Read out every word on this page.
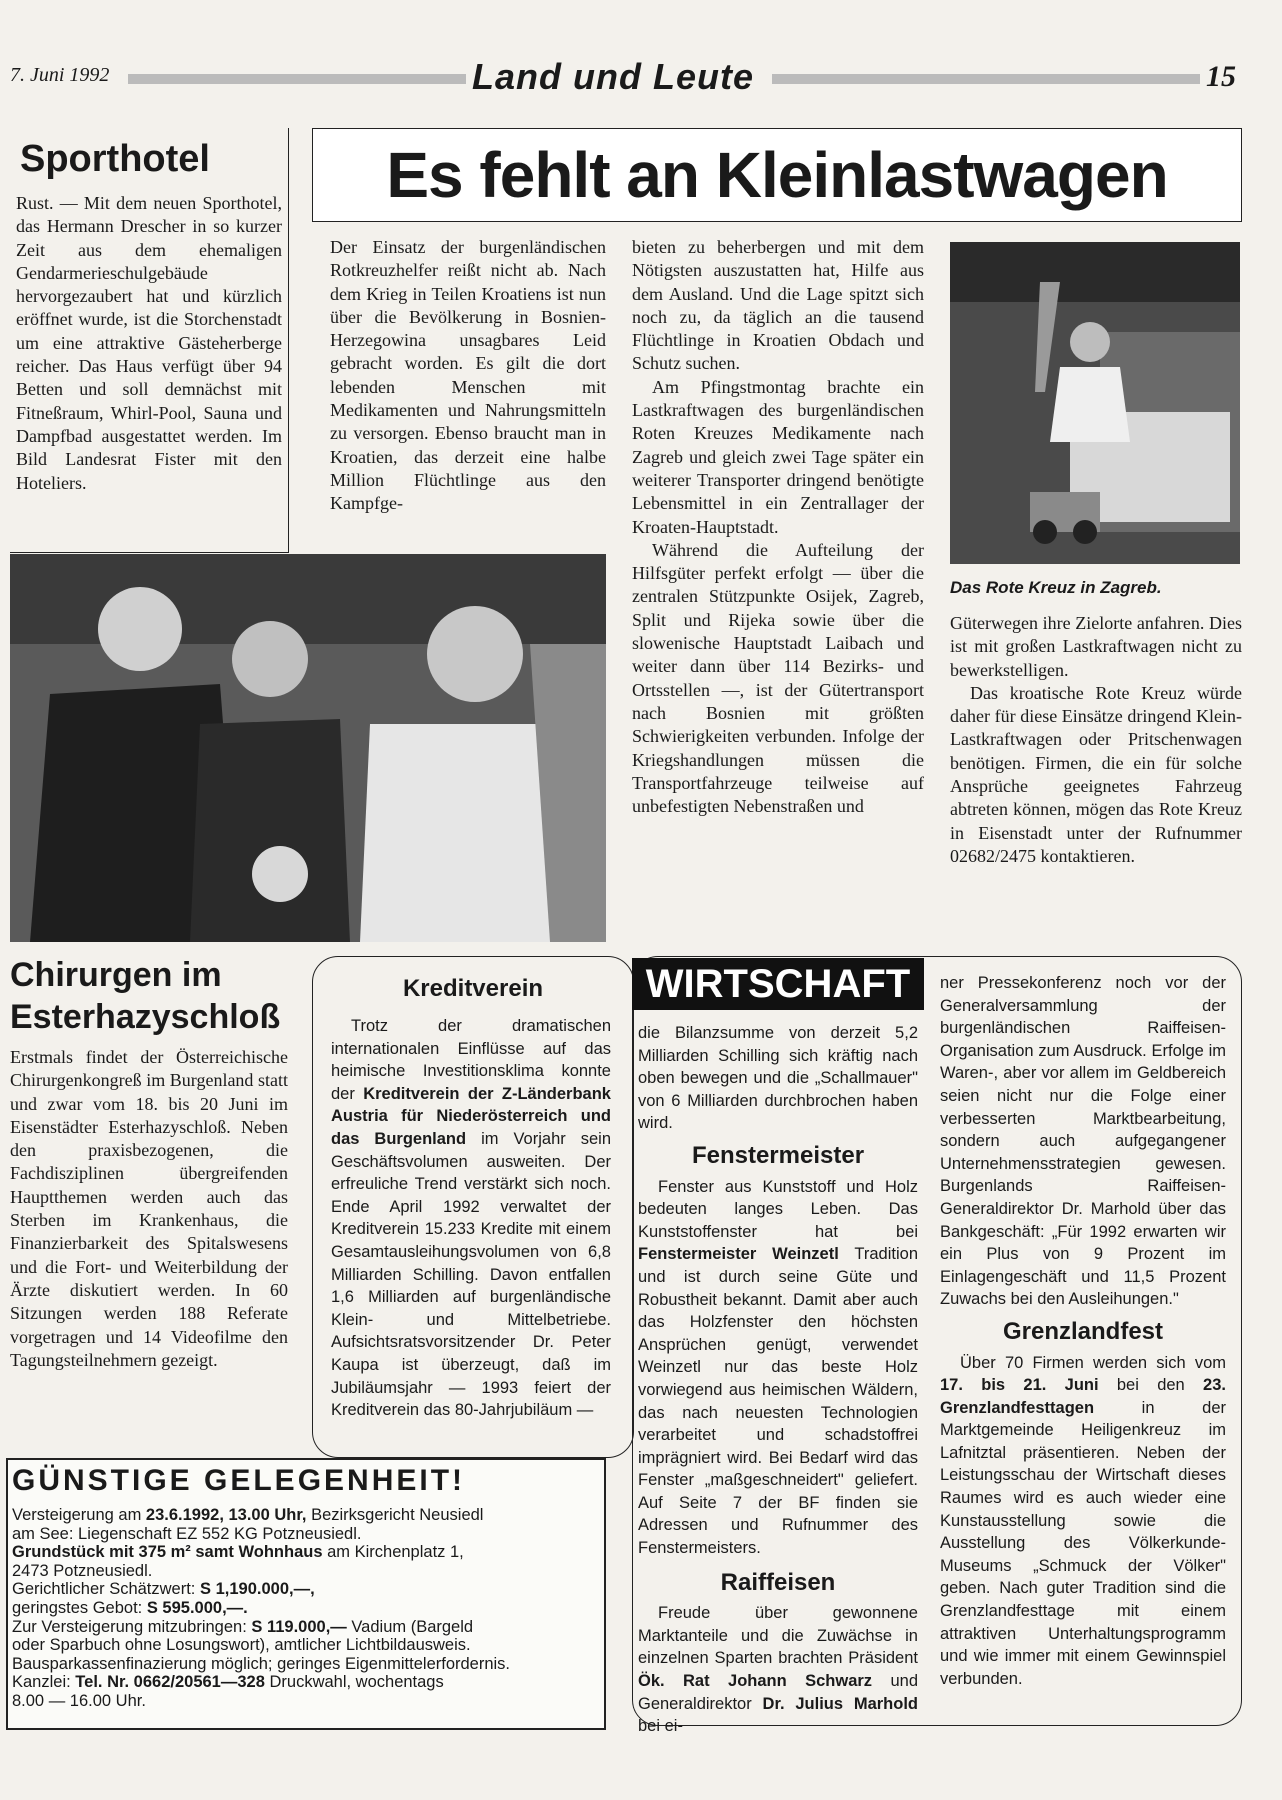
7. Juni 1992	Land und Leute	15
Sporthotel

Rust. — Mit dem neuen Sporthotel, das Hermann Drescher in so kurzer Zeit aus dem ehemaligen Gendarmerieschulgebäude hervorgezaubert hat und kürzlich eröffnet wurde, ist die Storchenstadt um eine attraktive Gästeherberge reicher. Das Haus verfügt über 94 Betten und soll demnächst mit Fitneßraum, Whirl-Pool, Sauna und Dampfbad ausgestattet werden. Im Bild Landesrat Fister mit den Hoteliers.

Es fehlt an Kleinlastwagen

Der Einsatz der burgenländischen Rotkreuzhelfer reißt nicht ab. Nach dem Krieg in Teilen Kroatiens ist nun über die Bevölkerung in Bosnien-Herzegowina unsagbares Leid gebracht worden. Es gilt die dort lebenden Menschen mit Medikamenten und Nahrungsmitteln zu versorgen. Ebenso braucht man in Kroatien, das derzeit eine halbe Million Flüchtlinge aus den Kampfge-

bieten zu beherbergen und mit dem Nötigsten auszustatten hat, Hilfe aus dem Ausland. Und die Lage spitzt sich noch zu, da täglich an die tausend Flüchtlinge in Kroatien Obdach und Schutz suchen.

Am Pfingstmontag brachte ein Lastkraftwagen des burgenländischen Roten Kreuzes Medikamente nach Zagreb und gleich zwei Tage später ein weiterer Transporter dringend benötigte Lebensmittel in ein Zentrallager der Kroaten-Hauptstadt.

Während die Aufteilung der Hilfsgüter perfekt erfolgt — über die zentralen Stützpunkte Osijek, Zagreb, Split und Rijeka sowie über die slowenische Hauptstadt Laibach und weiter dann über 114 Bezirks- und Ortsstellen —, ist der Gütertransport nach Bosnien mit größten Schwierigkeiten verbunden. Infolge der Kriegshandlungen müssen die Transportfahrzeuge teilweise auf unbefestigten Nebenstraßen und

Das Rote Kreuz in Zagreb.

Güterwegen ihre Zielorte anfahren. Dies ist mit großen Lastkraftwagen nicht zu bewerkstelligen.

Das kroatische Rote Kreuz würde daher für diese Einsätze dringend Klein-Lastkraftwagen oder Pritschenwagen benötigen. Firmen, die ein für solche Ansprüche geeignetes Fahrzeug abtreten können, mögen das Rote Kreuz in Eisenstadt unter der Rufnummer 02682/2475 kontaktieren.

Chirurgen im Esterhazyschloß

Erstmals findet der Österreichische Chirurgenkongreß im Burgenland statt und zwar vom 18. bis 20 Juni im Eisenstädter Esterhazyschloß. Neben den praxisbezogenen, die Fachdisziplinen übergreifenden Hauptthemen werden auch das Sterben im Krankenhaus, die Finanzierbarkeit des Spitalswesens und die Fort- und Weiterbildung der Ärzte diskutiert werden. In 60 Sitzungen werden 188 Referate vorgetragen und 14 Videofilme den Tagungsteilnehmern gezeigt.

Kreditverein
Trotz der dramatischen internationalen Einflüsse auf das heimische Investitionsklima konnte der Kreditverein der Z-Länderbank Austria für Niederösterreich und das Burgenland im Vorjahr sein Geschäftsvolumen ausweiten. Der erfreuliche Trend verstärkt sich noch. Ende April 1992 verwaltet der Kreditverein 15.233 Kredite mit einem Gesamtausleihungsvolumen von 6,8 Milliarden Schilling. Davon entfallen 1,6 Milliarden auf burgenländische Klein- und Mittelbetriebe. Aufsichtsratsvorsitzender Dr. Peter Kaupa ist überzeugt, daß im Jubiläumsjahr — 1993 feiert der Kreditverein das 80-Jahrjubiläum —
WIRTSCHAFT

die Bilanzsumme von derzeit 5,2 Milliarden Schilling sich kräftig nach oben bewegen und die „Schallmauer" von 6 Milliarden durchbrochen haben wird.

Fenstermeister

Fenster aus Kunststoff und Holz bedeuten langes Leben. Das Kunststoffenster hat bei Fenstermeister Weinzetl Tradition und ist durch seine Güte und Robustheit bekannt. Damit aber auch das Holzfenster den höchsten Ansprüchen genügt, verwendet Weinzetl nur das beste Holz vorwiegend aus heimischen Wäldern, das nach neuesten Technologien verarbeitet und schadstoffrei imprägniert wird. Bei Bedarf wird das Fenster „maßgeschneidert" geliefert. Auf Seite 7 der BF finden sie Adressen und Rufnummer des Fenstermeisters.

Raiffeisen

Freude über gewonnene Marktanteile und die Zuwächse in einzelnen Sparten brachten Präsident Ök. Rat Johann Schwarz und Generaldirektor Dr. Julius Marhold bei ei-

ner Pressekonferenz noch vor der Generalversammlung der burgenländischen Raiffeisen-Organisation zum Ausdruck. Erfolge im Waren-, aber vor allem im Geldbereich seien nicht nur die Folge einer verbesserten Marktbearbeitung, sondern auch aufgegangener Unternehmensstrategien gewesen. Burgenlands Raiffeisen-Generaldirektor Dr. Marhold über das Bankgeschäft: „Für 1992 erwarten wir ein Plus von 9 Prozent im Einlagengeschäft und 11,5 Prozent Zuwachs bei den Ausleihungen."

Grenzlandfest

Über 70 Firmen werden sich vom 17. bis 21. Juni bei den 23. Grenzlandfesttagen	in der Marktgemeinde Heiligenkreuz im Lafnitztal präsentieren. Neben der Leistungsschau der Wirtschaft dieses Raumes wird es auch wieder eine Kunstausstellung sowie die Ausstellung des Völkerkunde-Museums „Schmuck der Völker" geben. Nach guter Tradition sind die Grenzlandfesttage mit einem attraktiven Unterhaltungsprogramm und wie immer mit einem Gewinnspiel verbunden.

GÜNSTIGE GELEGENHEIT!
Versteigerung am 23.6.1992, 13.00 Uhr, Bezirksgericht Neusiedl
am See: Liegenschaft EZ 552 KG Potzneusiedl.
Grundstück mit 375 m² samt Wohnhaus am Kirchenplatz 1,
2473 Potzneusiedl.
Gerichtlicher Schätzwert: S 1,190.000,—,
geringstes Gebot: S 595.000,—.
Zur Versteigerung mitzubringen: S 119.000,— Vadium (Bargeld
oder Sparbuch ohne Losungswort), amtlicher Lichtbildausweis.
Bausparkassenfinazierung möglich; geringes Eigenmittelerfordernis.
Kanzlei: Tel. Nr. 0662/20561—328 Druckwahl, wochentags
8.00 — 16.00 Uhr.
